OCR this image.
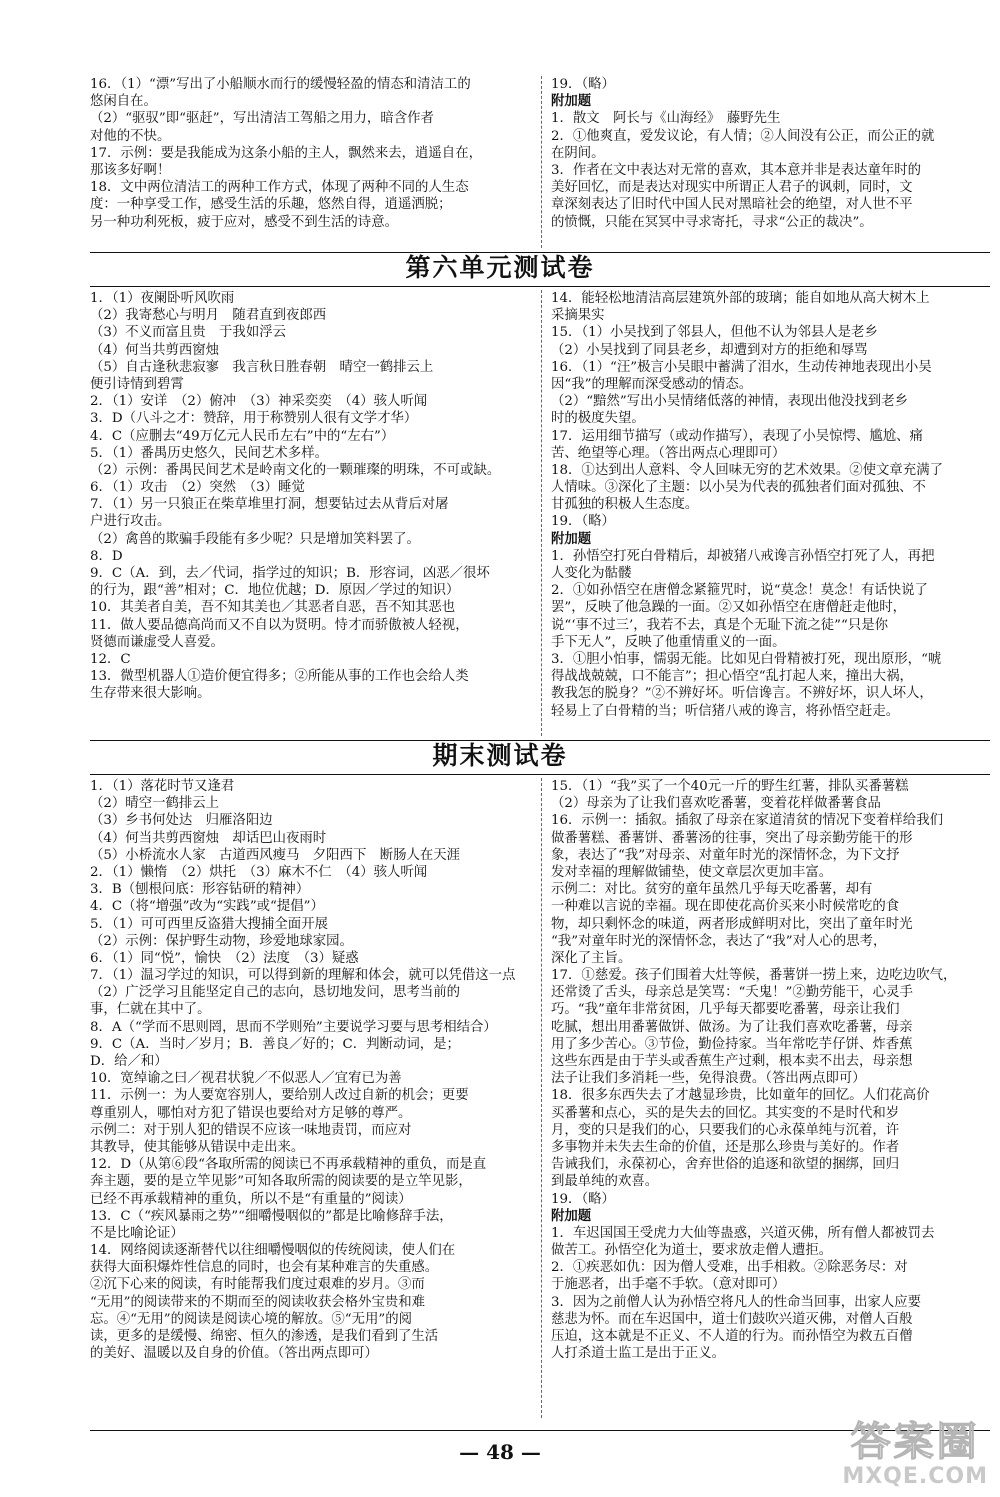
16．（1）“漂”写出了小船顺水而行的缓慢轻盈的情态和清洁工的
悠闲自在。
（2）“驱驭”即“驱赶”，写出清洁工驾船之用力，暗含作者
对他的不快。
17．示例：要是我能成为这条小船的主人，飘然来去，逍遥自在，
那该多好啊！
18．文中两位清洁工的两种工作方式，体现了两种不同的人生态
度：一种享受工作，感受生活的乐趣，悠然自得，逍遥洒脱；
另一种功利死板，疲于应对，感受不到生活的诗意。
19．（略）
附加题
1．散文　阿长与《山海经》　藤野先生
2．①他爽直，爱发议论，有人情；②人间没有公正，而公正的就
在阴间。
3．作者在文中表达对无常的喜欢，其本意并非是表达童年时的
美好回忆，而是表达对现实中所谓正人君子的讽刺，同时，文
章深刻表达了旧时代中国人民对黑暗社会的绝望，对人世不平
的愤慨，只能在冥冥中寻求寄托，寻求“公正的裁决”。
第六单元测试卷
1．（1）夜阑卧听风吹雨
（2）我寄愁心与明月　随君直到夜郎西
（3）不义而富且贵　于我如浮云
（4）何当共剪西窗烛
（5）自古逢秋悲寂寥　我言秋日胜春朝　晴空一鹤排云上
便引诗情到碧霄
2．（1）安详　（2）俯冲　（3）神采奕奕　（4）骇人听闻
3．D（八斗之才：赞辞，用于称赞别人很有文学才华）
4．C（应删去“49万亿元人民币左右”中的“左右”）
5．（1）番禺历史悠久，民间艺术多样。
（2）示例：番禺民间艺术是岭南文化的一颗璀璨的明珠，不可或缺。
6．（1）攻击　（2）突然　（3）睡觉
7．（1）另一只狼正在柴草堆里打洞，想要钻过去从背后对屠
户进行攻击。
（2）禽兽的欺骗手段能有多少呢？只是增加笑料罢了。
8．D
9．C（A．到，去／代词，指学过的知识；B．形容词，凶恶／很坏
的行为，跟“善”相对；C．地位优越；D．原因／学过的知识）
10．其美者自美，吾不知其美也／其恶者自恶，吾不知其恶也
11．做人要品德高尚而又不自以为贤明。恃才而骄傲被人轻视，
贤德而谦虚受人喜爱。
12．C
13．微型机器人①造价便宜得多；②所能从事的工作也会给人类
生存带来很大影响。
14．能轻松地清洁高层建筑外部的玻璃；能自如地从高大树木上
采摘果实
15．（1）小吴找到了邻县人，但他不认为邻县人是老乡
（2）小吴找到了同县老乡，却遭到对方的拒绝和辱骂
16．（1）“汪”极言小吴眼中蓄满了泪水，生动传神地表现出小吴
因“我”的理解而深受感动的情态。
（2）“黯然”写出小吴情绪低落的神情，表现出他没找到老乡
时的极度失望。
17．运用细节描写（或动作描写），表现了小吴惊愕、尴尬、痛
苦、绝望等心理。（答出两点心理即可）
18．①达到出人意料、令人回味无穷的艺术效果。②使文章充满了
人情味。③深化了主题：以小吴为代表的孤独者们面对孤独、不
甘孤独的积极人生态度。
19．（略）
附加题
1．孙悟空打死白骨精后，却被猪八戒谗言孙悟空打死了人，再把
人变化为骷髅
2．①如孙悟空在唐僧念紧箍咒时，说“莫念！莫念！有话快说了
罢”，反映了他急躁的一面。②又如孙悟空在唐僧赶走他时，
说“‘事不过三’，我若不去，真是个无耻下流之徒”“只是你
手下无人”，反映了他重情重义的一面。
3．①胆小怕事，懦弱无能。比如见白骨精被打死，现出原形，“唬
得战战兢兢，口不能言”；担心悟空“乱打起人来，撞出大祸，
教我怎的脱身？”②不辨好坏。听信谗言。不辨好坏，识人坏人，
轻易上了白骨精的当；听信猪八戒的谗言，将孙悟空赶走。
期末测试卷
1．（1）落花时节又逢君
（2）晴空一鹤排云上
（3）乡书何处达　归雁洛阳边
（4）何当共剪西窗烛　却话巴山夜雨时
（5）小桥流水人家　古道西风瘦马　夕阳西下　断肠人在天涯
2．（1）懒惰　（2）烘托　（3）麻木不仁　（4）骇人听闻
3．B（刨根问底：形容钻研的精神）
4．C（将“增强”改为“实践”或“提倡”）
5．（1）可可西里反盗猎大搜捕全面开展
（2）示例：保护野生动物，珍爱地球家园。
6．（1）同“悦”，愉快　（2）法度　（3）疑惑
7．（1）温习学过的知识，可以得到新的理解和体会，就可以凭借这一点
（2）广泛学习且能坚定自己的志向，恳切地发问，思考当前的
事，仁就在其中了。
8．A（“学而不思则罔，思而不学则殆”主要说学习要与思考相结合）
9．C（A．当时／岁月；B．善良／好的；C．判断动词，是；
D．给／和）
10．宽绰谕之曰／视君状貌／不似恶人／宜宥已为善
11．示例一：为人要宽容别人，要给别人改过自新的机会；更要
尊重别人，哪怕对方犯了错误也要给对方足够的尊严。
示例二：对于别人犯的错误不应该一味地责罚，而应对
其教导，使其能够从错误中走出来。
12．D（从第⑥段“各取所需的阅读已不再承载精神的重负，而是直
奔主题，要的是立竿见影”可知各取所需的阅读要的是立竿见影，
已经不再承载精神的重负，所以不是“有重量的”阅读）
13．C（“疾风暴雨之势”“细嚼慢咽似的”都是比喻修辞手法，
不是比喻论证）
14．网络阅读逐渐替代以往细嚼慢咽似的传统阅读，使人们在
获得大面积爆炸性信息的同时，也会有某种难言的失重感。
②沉下心来的阅读，有时能帮我们度过艰难的岁月。③而
“无用”的阅读带来的不期而至的阅读收获会格外宝贵和难
忘。④“无用”的阅读是阅读心境的解放。⑤“无用”的阅
读，更多的是缓慢、绵密、恒久的渗透，是我们看到了生活
的美好、温暖以及自身的价值。（答出两点即可）
15．（1）“我”买了一个40元一斤的野生红薯，排队买番薯糕
（2）母亲为了让我们喜欢吃番薯，变着花样做番薯食品
16．示例一：插叙。插叙了母亲在家道清贫的情况下变着样给我们
做番薯糕、番薯饼、番薯汤的往事，突出了母亲勤劳能干的形
象，表达了“我”对母亲、对童年时光的深情怀念，为下文抒
发对幸福的理解做铺垫，使文章层次更加丰富。
示例二：对比。贫穷的童年虽然几乎每天吃番薯，却有
一种难以言说的幸福。现在即使花高价买来小时候常吃的食
物，却只剩怀念的味道，两者形成鲜明对比，突出了童年时光
“我”对童年时光的深情怀念，表达了“我”对人心的思考，
深化了主旨。
17．①慈爱。孩子们围着大灶等候，番薯饼一捞上来，边吃边吹气，
还常烫了舌头，母亲总是笑骂：“夭鬼！”②勤劳能干，心灵手
巧。“我”童年非常贫困，几乎每天都要吃番薯，母亲让我们
吃腻，想出用番薯做饼、做汤。为了让我们喜欢吃番薯，母亲
用了多少苦心。③节俭，勤俭持家。当年常吃芋仔饼、炸香蕉
这些东西是由于芋头或香蕉生产过剩，根本卖不出去，母亲想
法子让我们多消耗一些，免得浪费。（答出两点即可）
18．很多东西失去了才越显珍贵，比如童年的回忆。人们花高价
买番薯和点心，买的是失去的回忆。其实变的不是时代和岁
月，变的只是我们的心，只要我们的心永葆单纯与沉着，许
多事物并未失去生命的价值，还是那么珍贵与美好的。作者
告诫我们，永葆初心，舍弃世俗的追逐和欲望的捆绑，回归
到最单纯的欢喜。
19．（略）
附加题
1．车迟国国王受虎力大仙等蛊惑，兴道灭佛，所有僧人都被罚去
做苦工。孙悟空化为道士，要求放走僧人遭拒。
2．①疾恶如仇：因为僧人受难，出手相救。②除恶务尽：对
于施恶者，出手毫不手软。（意对即可）
3．因为之前僧人认为孙悟空将凡人的性命当回事，出家人应要
慈悲为怀。而在车迟国中，道士们鼓吹兴道灭佛，对僧人百般
压迫，这本就是不正义、不人道的行为。而孙悟空为救五百僧
人打杀道士监工是出于正义。
— 48 —	答案圈
MXQE.COM
